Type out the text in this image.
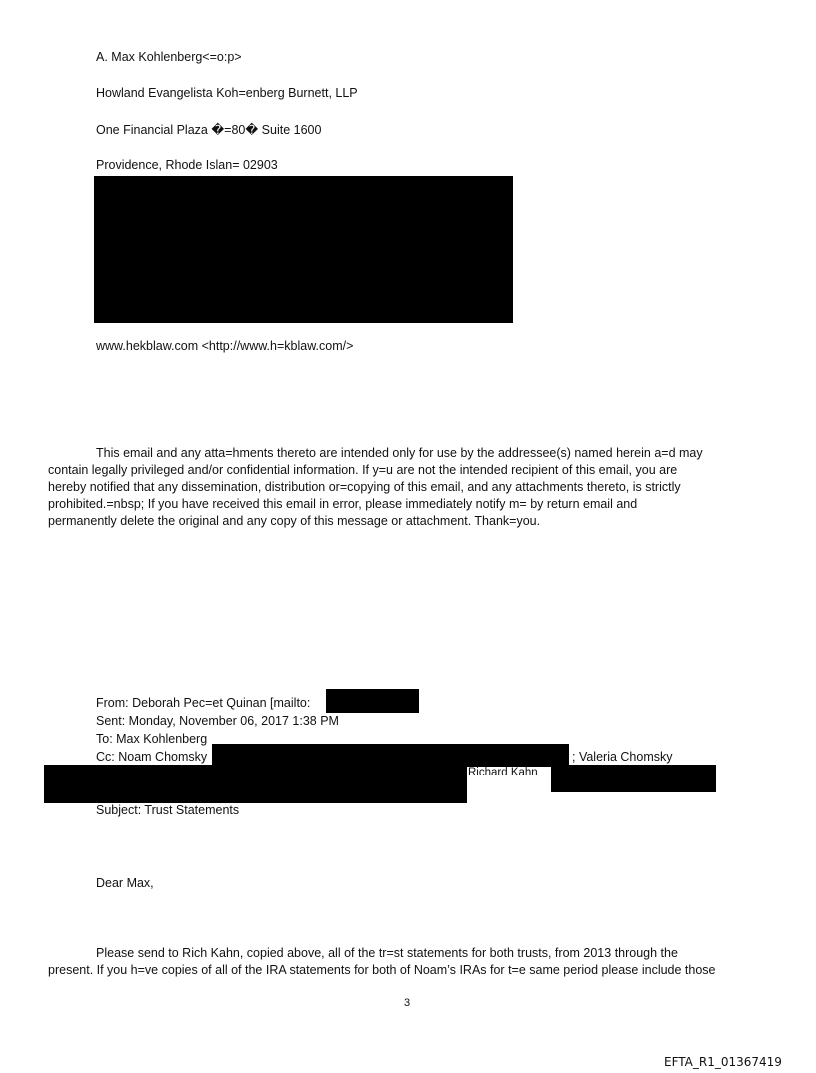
A. Max Kohlenberg<=o:p>
Howland Evangelista Koh=enberg Burnett, LLP
One Financial Plaza �=80� Suite 1600
Providence, Rhode Islan= 02903
www.hekblaw.com <http://www.h=kblaw.com/>

This email and any atta=hments thereto are intended only for use by the addressee(s) named herein a=d may

contain legally privileged and/or confidential information. If y=u are not the intended recipient of this email, you are

hereby notified that any dissemination, distribution or=copying of this email, and any attachments thereto, is strictly

prohibited.=nbsp; If you have received this email in error, please immediately notify m= by return email and

permanently delete the original and any copy of this message or attachment. Thank=you.

From: Deborah Pec=et Quinan [mailto:
Sent: Monday, November 06, 2017 1:38 PM
To: Max Kohlenberg
Cc: Noam Chomsky	; Valeria Chomsky
Richard Kahn
Subject: Trust Statements
Dear Max,

Please send to Rich Kahn, copied above, all of the tr=st statements for both trusts, from 2013 through the

present. If you h=ve copies of all of the IRA statements for both of Noam’s IRAs for t=e same period please include those

3
EFTA_R1_01367419
